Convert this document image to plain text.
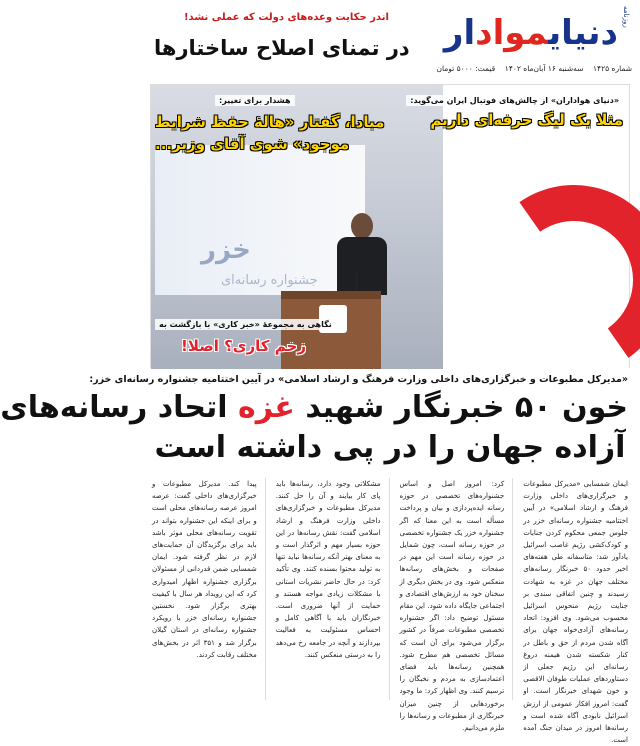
روزنامه
دنیایموادار
شماره ۱۴۲۵    سه‌شنبه ۱۶ آبان‌ماه ۱۴۰۲    قیمت: ۵۰۰۰ تومان
اندر حکایت وعده‌های دولت که عملی نشد!
در تمنای اصلاح ساختارها
خزر
جشنواره رسانه‌ای
«دنیای هواداران» از چالش‌های فوتبال ایران می‌گوید:
مثلا یک لیگ حرفه‌ای داریم
هشدار برای تغییر:
مبادا، گفتار «هالهٔ حفظ شرایط
موجود» شوی آقای وزیر...
نگاهی به مجموعهٔ «خبر کاری» با بازگشت به
زخم کاری؟ اصلا!
«مدیرکل مطبوعات و خبرگزاری‌های داخلی وزارت فرهنگ و ارشاد اسلامی» در آیین اختتامیه جشنواره رسانه‌ای خزر:
خون ۵۰ خبرنگار شهید غزه اتحاد رسانه‌های
آزاده جهان را در پی داشته است
ایمان شمسایی «مدیرکل مطبوعات و خبرگزاری‌های داخلی وزارت فرهنگ و ارشاد اسلامی» در آیین اختتامیه جشنواره رسانه‌ای خزر در جلوس جمعی محکوم کردن جنایات و کودک‌کشی رژیم غاصب اسرائیل یادآور شد: متاسفانه طی هفته‌های اخیر حدود ۵۰ خبرنگار رسانه‌های مختلف جهان در غزه به شهادت رسیدند و چنین اتفاقی سندی بر جنایت رژیم منحوس اسرائیل محسوب می‌شود. وی افزود: اتحاد رسانه‌های آزادی‌خواه جهان برای آگاه شدن مردم از حق و باطل در کنار شکسته شدن هیمنه دروغ رسانه‌ای این رژیم جعلی از دستاوردهای عملیات طوفان الاقصی و خون شهدای خبرنگار است. او گفت: امروز افکار عمومی از ارزش اسرائیل نابودی آگاه شده است و رسانه‌ها امروز در میدان جنگ آمده است.
کرد: امروز اصل و اساس جشنواره‌های تخصصی در حوزه رسانه ایده‌پردازی و بیان و پرداخت مسأله است به این معنا که اگر جشنواره خزر یک جشنواره تخصصی در حوزه رسانه است، چون شمایل در حوزه رسانه است این مهم در صفحات و بخش‌های رسانه‌ها منعکس شود. وی در بخش دیگری از سخنان خود به ارزش‌های اقتصادی و اجتماعی جایگاه داده شود. این مقام مسئول توضیح داد: اگر جشنواره تخصصی مطبوعات صرفاً در کشور برگزار می‌شود برای آن است که مسائل تخصصی هم مطرح شود. همچنین رسانه‌ها باید فضای اعتمادسازی به مردم و نخبگان را ترسیم کنند. وی اظهار کرد: ما وجود برخوردهایی از چنین میزان خبرنگاری از مطبوعات و رسانه‌ها را ملزم می‌دانیم.
مشکلاتی وجود دارد، رسانه‌ها باید پای کار بیایند و آن را حل کنند. مدیرکل مطبوعات و خبرگزاری‌های داخلی وزارت فرهنگ و ارشاد اسلامی گفت: نقش رسانه‌ها در این حوزه بسیار مهم و اثرگذار است و به معنای بهتر آنکه رسانه‌ها نباید تنها به تولید محتوا بسنده کنند. وی تأکید کرد: در حال حاضر نشریات استانی با مشکلات زیادی مواجه هستند و حمایت از آنها ضروری است. خبرنگاران باید با آگاهی کامل و احساس مسئولیت به فعالیت بپردازند و آنچه در جامعه رخ می‌دهد را به درستی منعکس کنند.
پیدا کند. مدیرکل مطبوعات و خبرگزاری‌های داخلی گفت: عرصه امروز عرصه رسانه‌های محلی است و برای اینکه این جشنواره بتواند در تقویت رسانه‌های محلی موثر باشد باید برای برگزیدگان آن حمایت‌های لازم در نظر گرفته شود. ایمان شمسایی ضمن قدردانی از مسئولان برگزاری جشنواره اظهار امیدواری کرد که این رویداد هر سال با کیفیت بهتری برگزار شود. نخستین جشنواره رسانه‌ای خزر با رویکرد جشنواره رسانه‌ای در استان گیلان برگزار شد و ۳۵۱ اثر در بخش‌های مختلف رقابت کردند.
